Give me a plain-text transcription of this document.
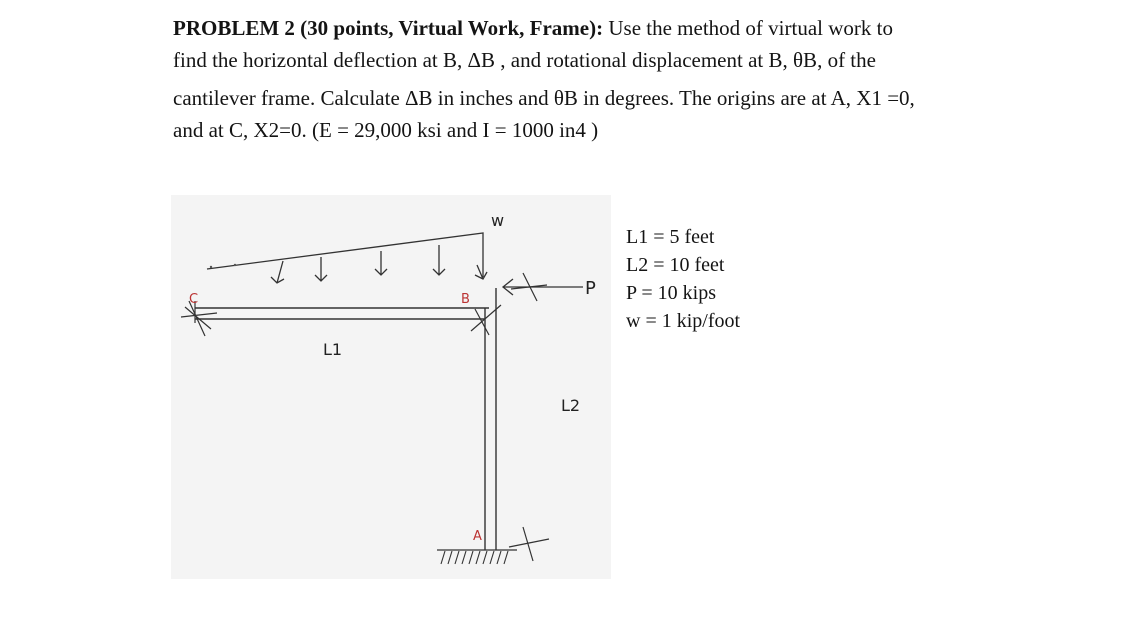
PROBLEM 2 (30 points, Virtual Work, Frame): Use the method of virtual work to

find the horizontal deflection at B, ΔB , and rotational displacement at B, θB, of the

cantilever frame. Calculate ΔB in inches and θB in degrees. The origins are at A, X1 =0,

and at C, X2=0. (E = 29,000 ksi and I = 1000 in4 )

w
C	B
A
L1
L2
P
L1 = 5 feet
L2 = 10 feet
P = 10 kips
w = 1 kip/foot
